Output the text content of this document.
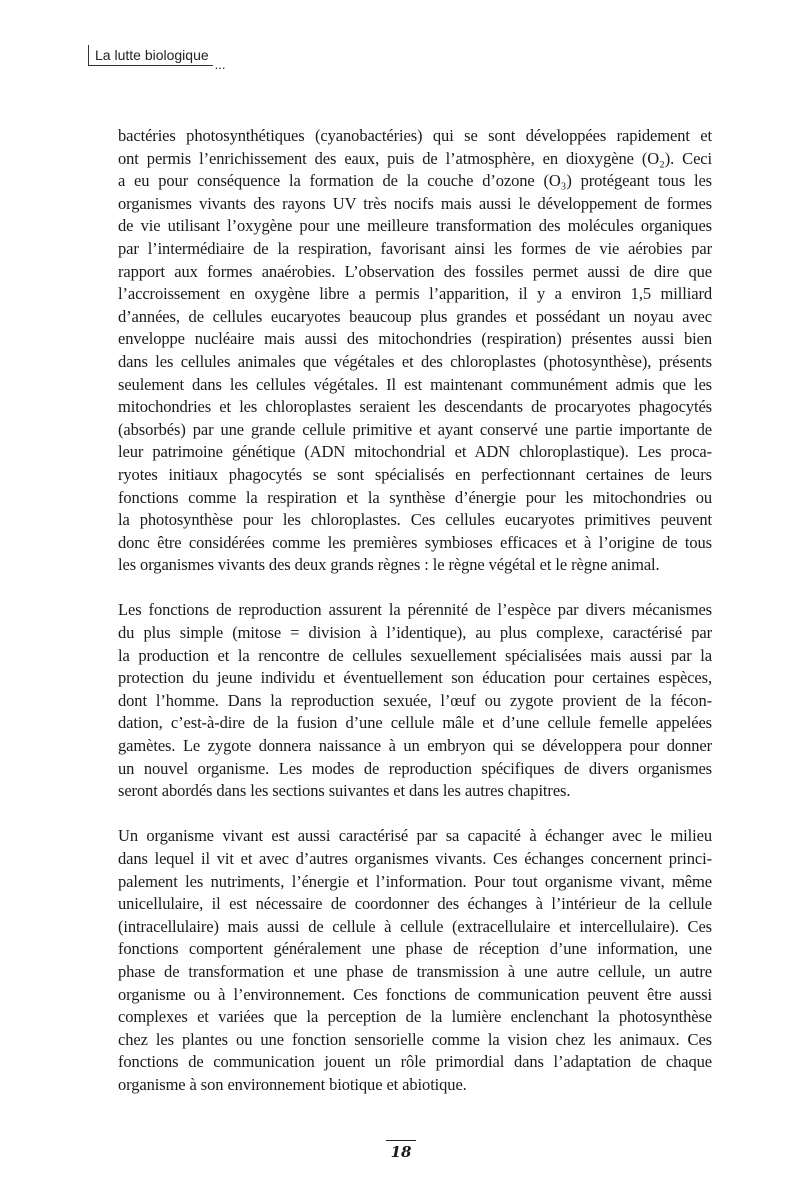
La lutte biologique
...
bactéries photosynthétiques (cyanobactéries) qui se sont développées rapidement et
ont permis l’enrichissement des eaux, puis de l’atmosphère, en dioxygène (O₂). Ceci
a eu pour conséquence la formation de la couche d’ozone (O₃) protégeant tous les
organismes vivants des rayons UV très nocifs mais aussi le développement de formes
de vie utilisant l’oxygène pour une meilleure transformation des molécules organiques
par l’intermédiaire de la respiration, favorisant ainsi les formes de vie aérobies par
rapport aux formes anaérobies. L’observation des fossiles permet aussi de dire que
l’accroissement en oxygène libre a permis l’apparition, il y a environ 1,5 milliard
d’années, de cellules eucaryotes beaucoup plus grandes et possédant un noyau avec
enveloppe nucléaire mais aussi des mitochondries (respiration) présentes aussi bien
dans les cellules animales que végétales et des chloroplastes (photosynthèse), présents
seulement dans les cellules végétales. Il est maintenant communément admis que les
mitochondries et les chloroplastes seraient les descendants de procaryotes phagocytés
(absorbés) par une grande cellule primitive et ayant conservé une partie importante de
leur patrimoine génétique (ADN mitochondrial et ADN chloroplastique). Les proca-
ryotes initiaux phagocytés se sont spécialisés en perfectionnant certaines de leurs
fonctions comme la respiration et la synthèse d’énergie pour les mitochondries ou
la photosynthèse pour les chloroplastes. Ces cellules eucaryotes primitives peuvent
donc être considérées comme les premières symbioses efficaces et à l’origine de tous
les organismes vivants des deux grands règnes : le règne végétal et le règne animal.
Les fonctions de reproduction assurent la pérennité de l’espèce par divers mécanismes
du plus simple (mitose = division à l’identique), au plus complexe, caractérisé par
la production et la rencontre de cellules sexuellement spécialisées mais aussi par la
protection du jeune individu et éventuellement son éducation pour certaines espèces,
dont l’homme. Dans la reproduction sexuée, l’œuf ou zygote provient de la fécon-
dation, c’est-à-dire de la fusion d’une cellule mâle et d’une cellule femelle appelées
gamètes. Le zygote donnera naissance à un embryon qui se développera pour donner
un nouvel organisme. Les modes de reproduction spécifiques de divers organismes
seront abordés dans les sections suivantes et dans les autres chapitres.
Un organisme vivant est aussi caractérisé par sa capacité à échanger avec le milieu
dans lequel il vit et avec d’autres organismes vivants. Ces échanges concernent princi-
palement les nutriments, l’énergie et l’information. Pour tout organisme vivant, même
unicellulaire, il est nécessaire de coordonner des échanges à l’intérieur de la cellule
(intracellulaire) mais aussi de cellule à cellule (extracellulaire et intercellulaire). Ces
fonctions comportent généralement une phase de réception d’une information, une
phase de transformation et une phase de transmission à une autre cellule, un autre
organisme ou à l’environnement. Ces fonctions de communication peuvent être aussi
complexes et variées que la perception de la lumière enclenchant la photosynthèse
chez les plantes ou une fonction sensorielle comme la vision chez les animaux. Ces
fonctions de communication jouent un rôle primordial dans l’adaptation de chaque
organisme à son environnement biotique et abiotique.
18
